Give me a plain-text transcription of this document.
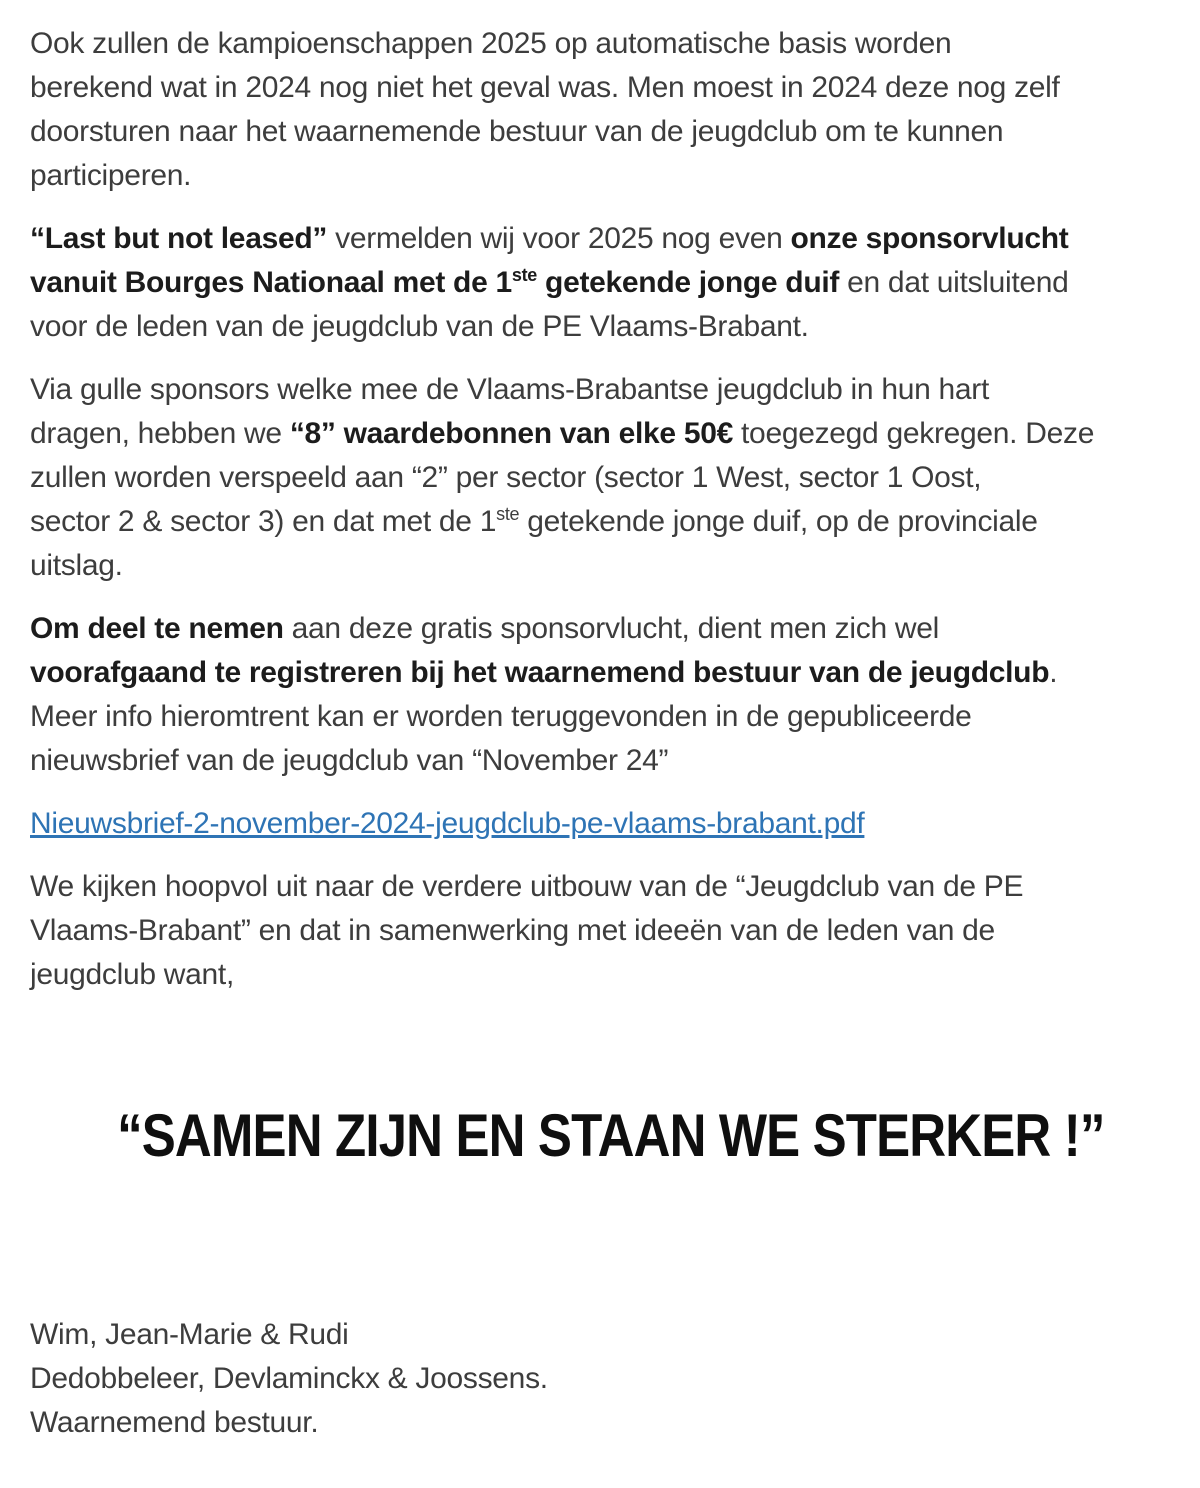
Ook zullen de kampioenschappen 2025 op automatische basis worden
berekend wat in 2024 nog niet het geval was. Men moest in 2024 deze nog zelf
doorsturen naar het waarnemende bestuur van de jeugdclub om te kunnen
participeren.

“Last but not leased” vermelden wij voor 2025 nog even onze sponsorvlucht
vanuit Bourges Nationaal met de 1ste getekende jonge duif en dat uitsluitend
voor de leden van de jeugdclub van de PE Vlaams-Brabant.

Via gulle sponsors welke mee de Vlaams-Brabantse jeugdclub in hun hart
dragen, hebben we “8” waardebonnen van elke 50€ toegezegd gekregen. Deze
zullen worden verspeeld aan “2” per sector (sector 1 West, sector 1 Oost,
sector 2 & sector 3) en dat met de 1ste getekende jonge duif, op de provinciale
uitslag.

Om deel te nemen aan deze gratis sponsorvlucht, dient men zich wel
voorafgaand te registreren bij het waarnemend bestuur van de jeugdclub.
Meer info hieromtrent kan er worden teruggevonden in de gepubliceerde
nieuwsbrief van de jeugdclub van “November 24”

Nieuwsbrief-2-november-2024-jeugdclub-pe-vlaams-brabant.pdf

We kijken hoopvol uit naar de verdere uitbouw van de “Jeugdclub van de PE
Vlaams-Brabant” en dat in samenwerking met ideeën van de leden van de
jeugdclub want,

“SAMEN ZIJN EN STAAN WE STERKER !”

Wim, Jean-Marie & Rudi

Dedobbeleer, Devlaminckx & Joossens.

Waarnemend bestuur.
